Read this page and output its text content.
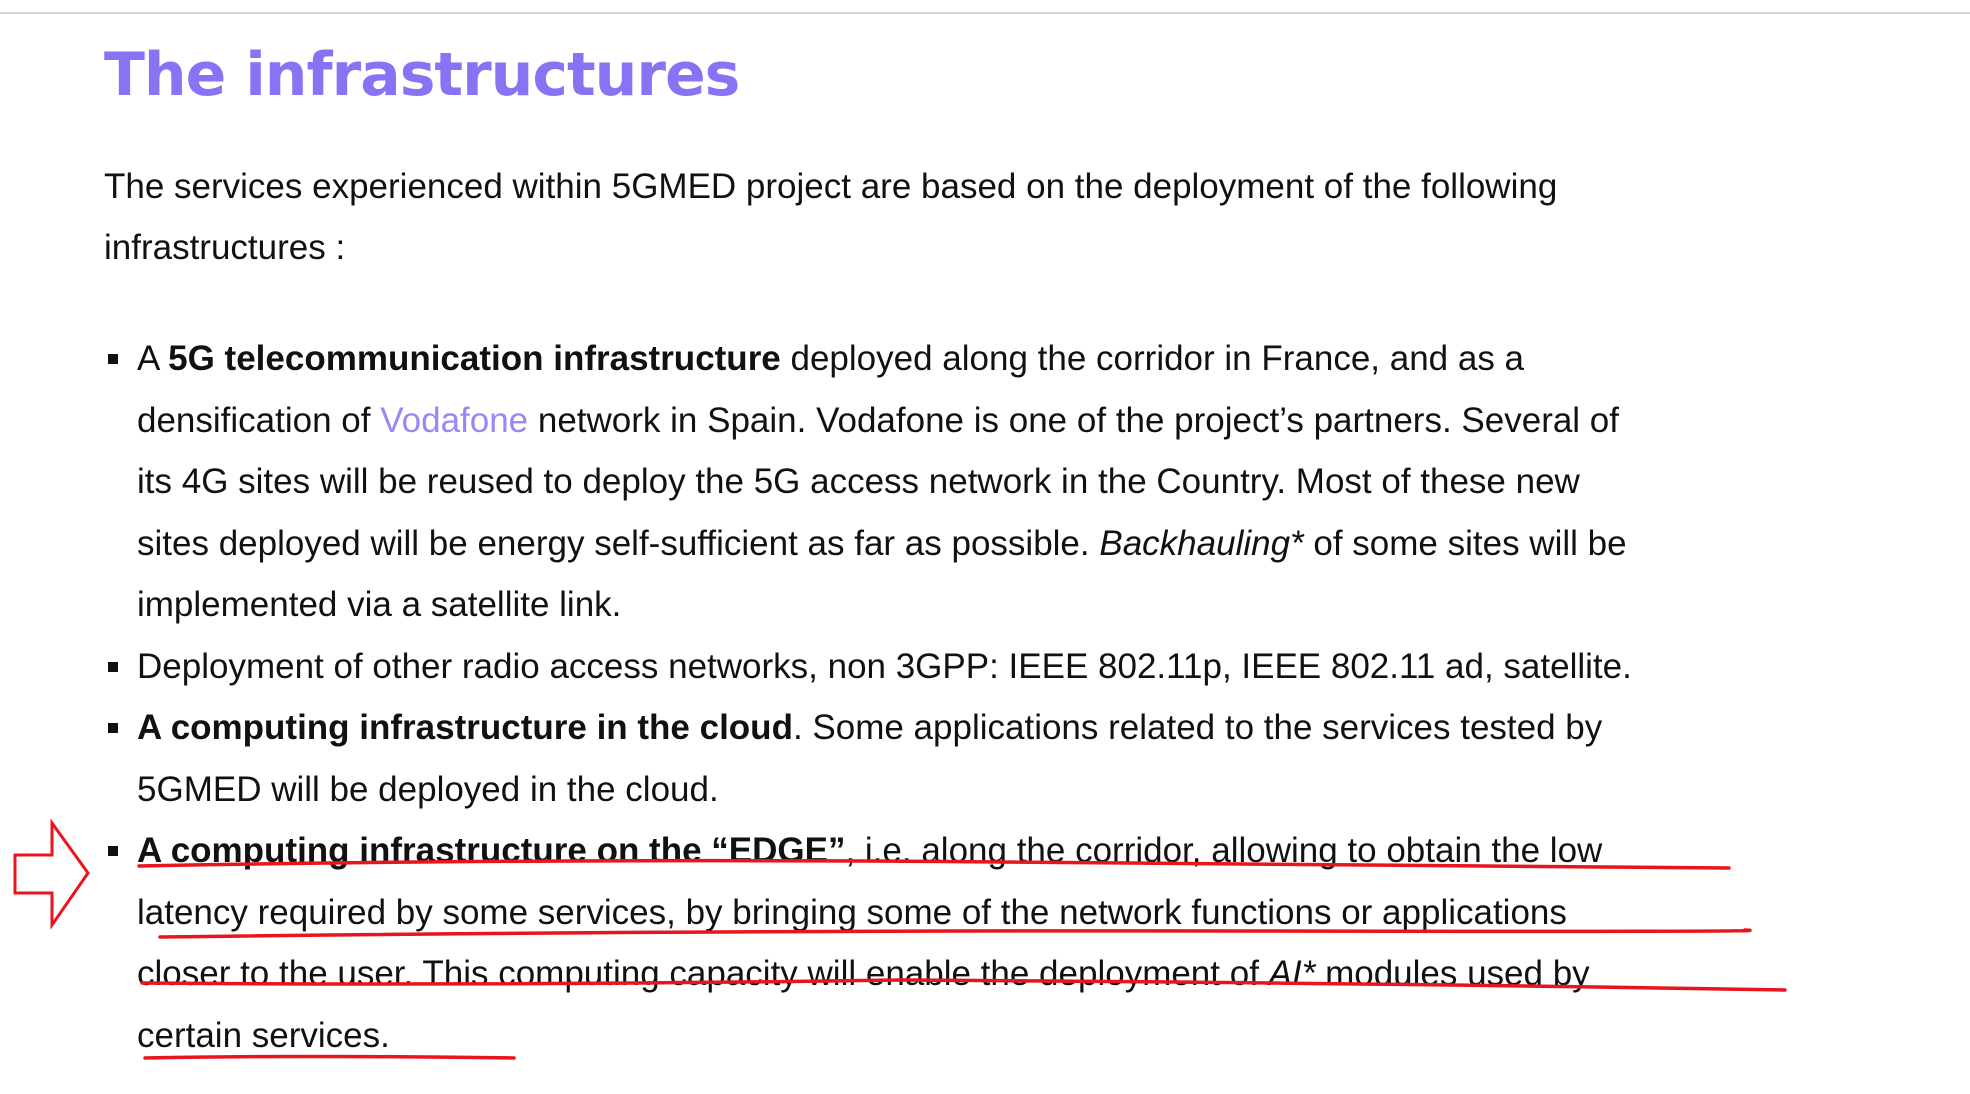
The infrastructures

The services experienced within 5GMED project are based on the deployment of the following
infrastructures :

A 5G telecommunication infrastructure deployed along the corridor in France, and as a
densification of Vodafone network in Spain. Vodafone is one of the project’s partners. Several of
its 4G sites will be reused to deploy the 5G access network in the Country. Most of these new
sites deployed will be energy self-sufficient as far as possible. Backhauling* of some sites will be
implemented via a satellite link.
Deployment of other radio access networks, non 3GPP: IEEE 802.11p, IEEE 802.11 ad, satellite.
A computing infrastructure in the cloud. Some applications related to the services tested by
5GMED will be deployed in the cloud.
A computing infrastructure on the “EDGE”, i.e. along the corridor, allowing to obtain the low
latency required by some services, by bringing some of the network functions or applications
closer to the user. This computing capacity will enable the deployment of AI* modules used by
certain services.
